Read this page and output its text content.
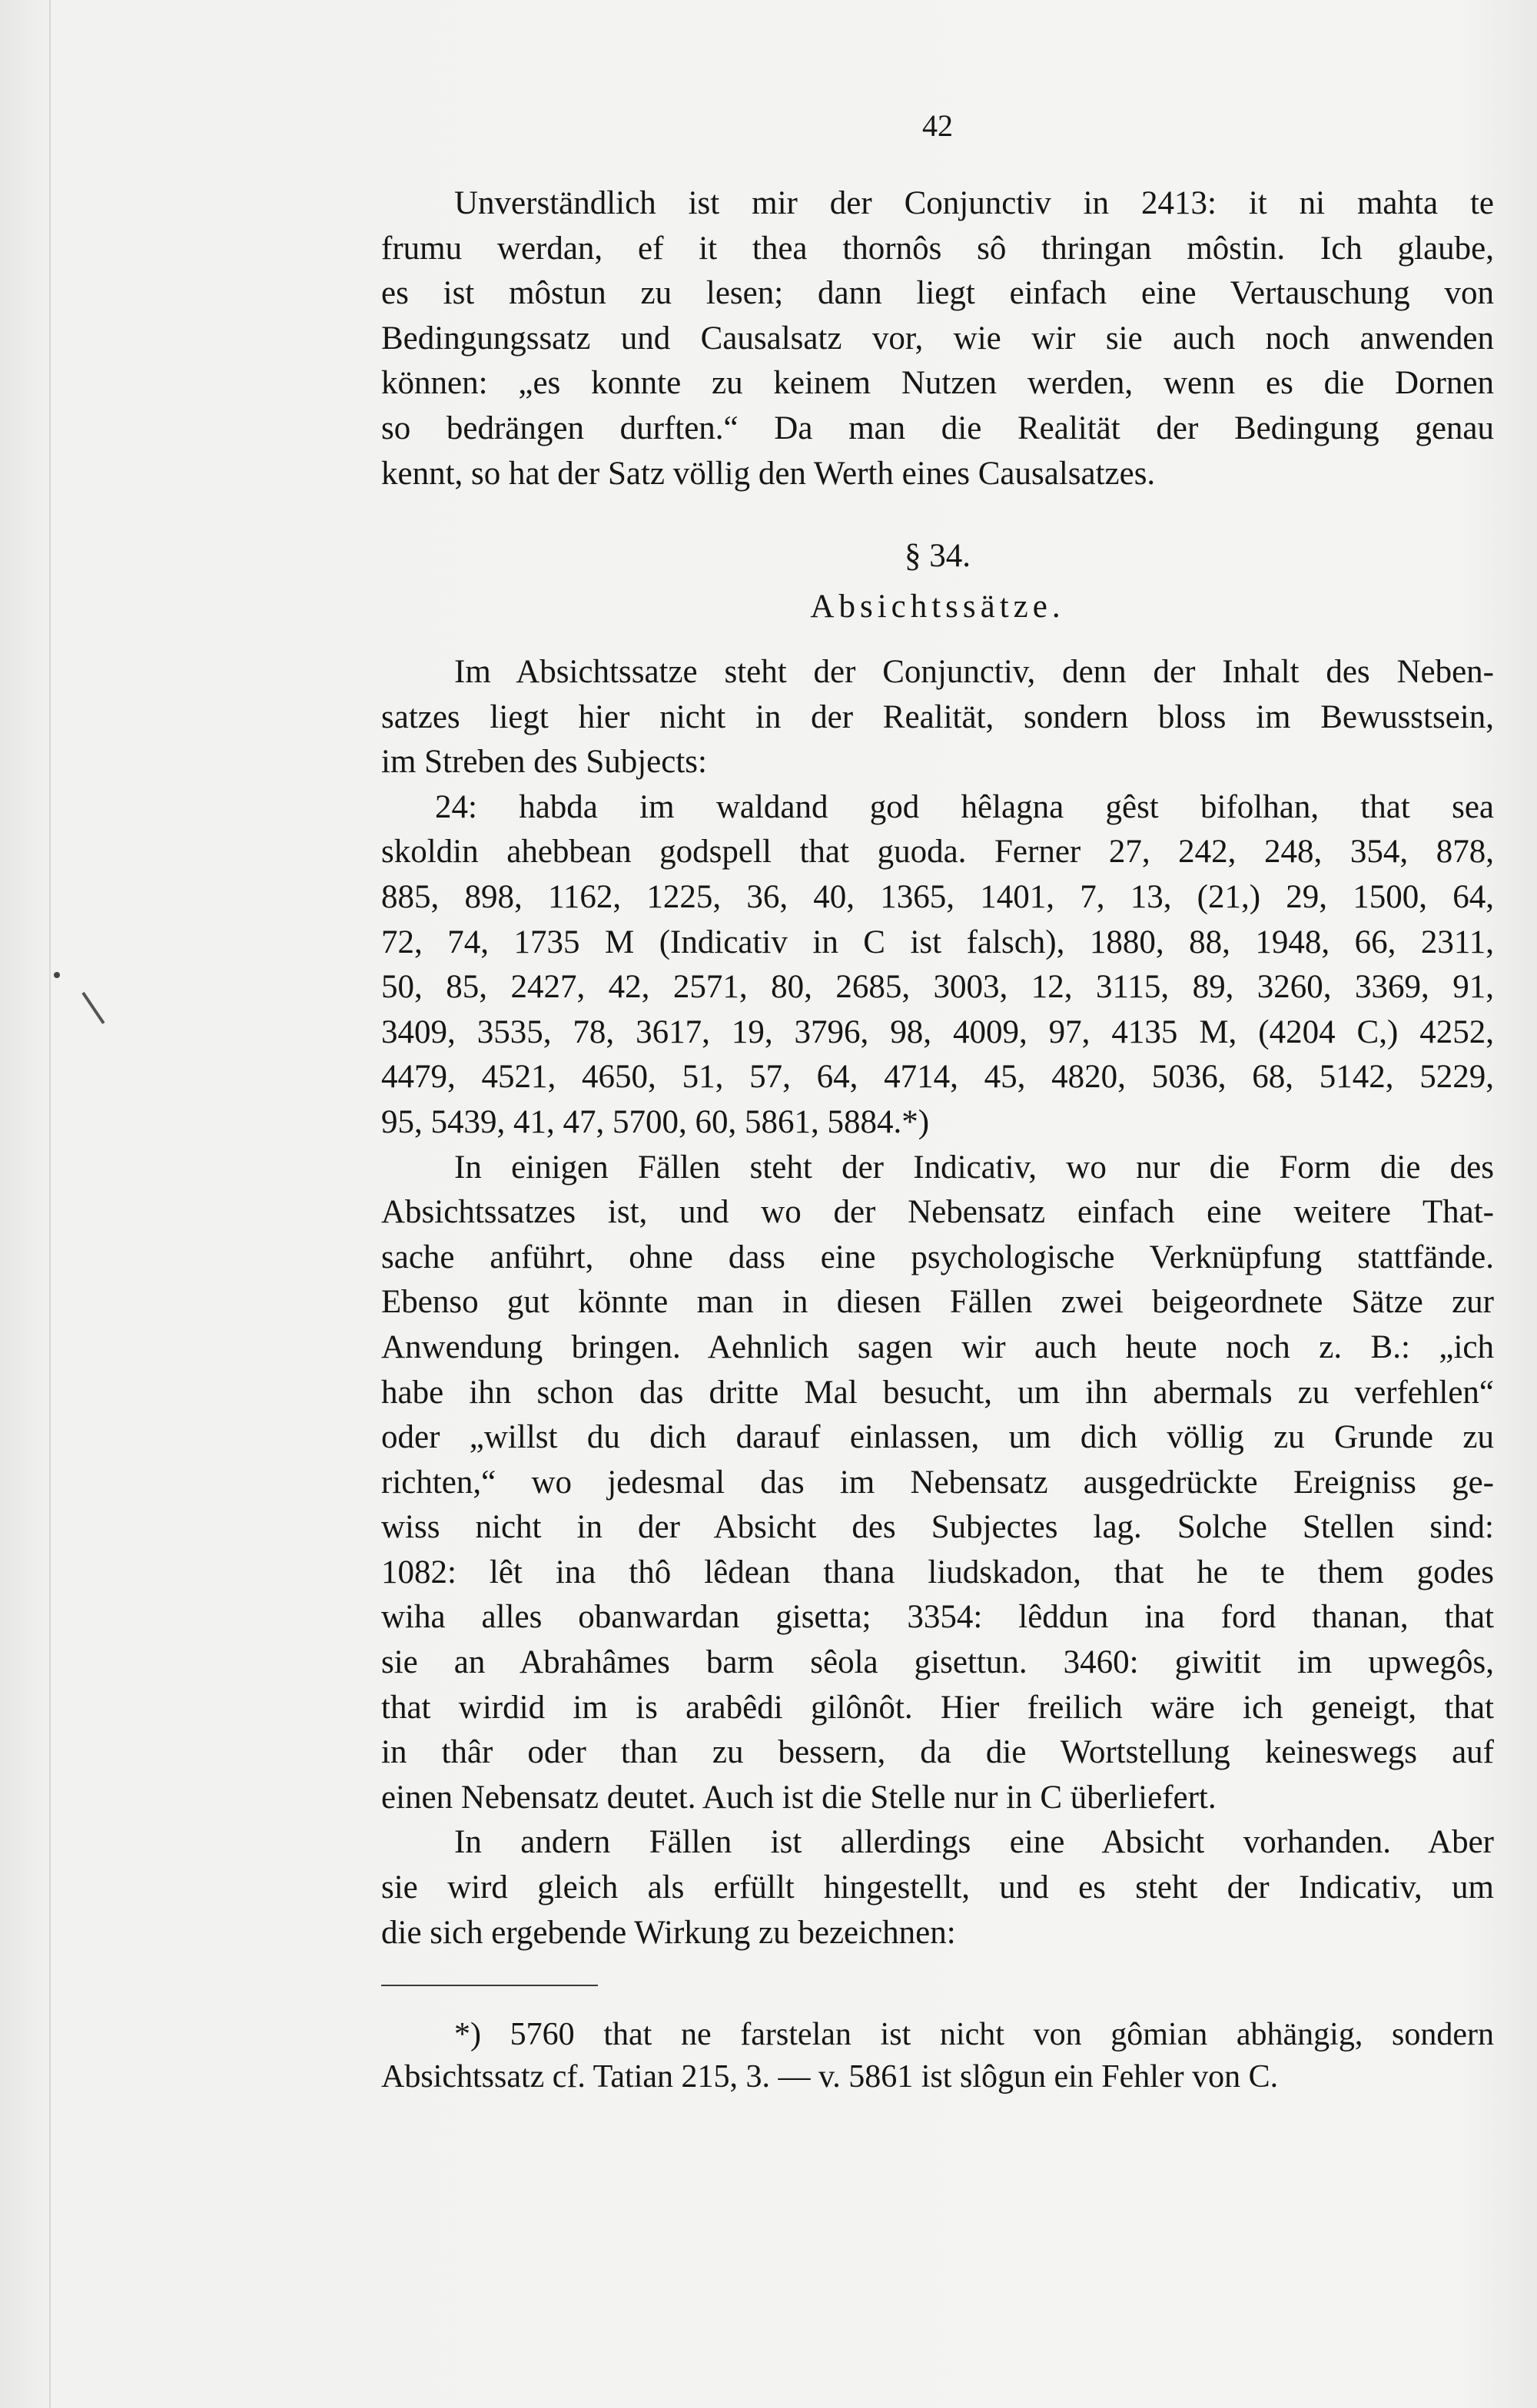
42
Unverständlich ist mir der Conjunctiv in 2413: it ni mahta te
frumu werdan, ef it thea thornôs sô thringan môstin. Ich glaube,
es ist môstun zu lesen; dann liegt einfach eine Vertauschung von
Bedingungssatz und Causalsatz vor, wie wir sie auch noch anwenden
können: „es konnte zu keinem Nutzen werden, wenn es die Dornen
so bedrängen durften.“ Da man die Realität der Bedingung genau
kennt, so hat der Satz völlig den Werth eines Causalsatzes.
§ 34.
Absichtssätze.
Im Absichtssatze steht der Conjunctiv, denn der Inhalt des Neben-
satzes liegt hier nicht in der Realität, sondern bloss im Bewusstsein,
im Streben des Subjects:
24: habda im waldand god hêlagna gêst bifolhan, that sea
skoldin ahebbean godspell that guoda. Ferner 27, 242, 248, 354, 878,
885, 898, 1162, 1225, 36, 40, 1365, 1401, 7, 13, (21,) 29, 1500, 64,
72, 74, 1735 M (Indicativ in C ist falsch), 1880, 88, 1948, 66, 2311,
50, 85, 2427, 42, 2571, 80, 2685, 3003, 12, 3115, 89, 3260, 3369, 91,
3409, 3535, 78, 3617, 19, 3796, 98, 4009, 97, 4135 M, (4204 C,) 4252,
4479, 4521, 4650, 51, 57, 64, 4714, 45, 4820, 5036, 68, 5142, 5229,
95, 5439, 41, 47, 5700, 60, 5861, 5884.*)
In einigen Fällen steht der Indicativ, wo nur die Form die des
Absichtssatzes ist, und wo der Nebensatz einfach eine weitere That-
sache anführt, ohne dass eine psychologische Verknüpfung stattfände.
Ebenso gut könnte man in diesen Fällen zwei beigeordnete Sätze zur
Anwendung bringen. Aehnlich sagen wir auch heute noch z. B.: „ich
habe ihn schon das dritte Mal besucht, um ihn abermals zu verfehlen“
oder „willst du dich darauf einlassen, um dich völlig zu Grunde zu
richten,“ wo jedesmal das im Nebensatz ausgedrückte Ereigniss ge-
wiss nicht in der Absicht des Subjectes lag. Solche Stellen sind:
1082: lêt ina thô lêdean thana liudskadon, that he te them godes
wiha alles obanwardan gisetta; 3354: lêddun ina ford thanan, that
sie an Abrahâmes barm sêola gisettun. 3460: giwitit im upwegôs,
that wirdid im is arabêdi gilônôt. Hier freilich wäre ich geneigt, that
in thâr oder than zu bessern, da die Wortstellung keineswegs auf
einen Nebensatz deutet. Auch ist die Stelle nur in C überliefert.
In andern Fällen ist allerdings eine Absicht vorhanden. Aber
sie wird gleich als erfüllt hingestellt, und es steht der Indicativ, um
die sich ergebende Wirkung zu bezeichnen:
*) 5760 that ne farstelan ist nicht von gômian abhängig, sondern
Absichtssatz cf. Tatian 215, 3. — v. 5861 ist slôgun ein Fehler von C.
